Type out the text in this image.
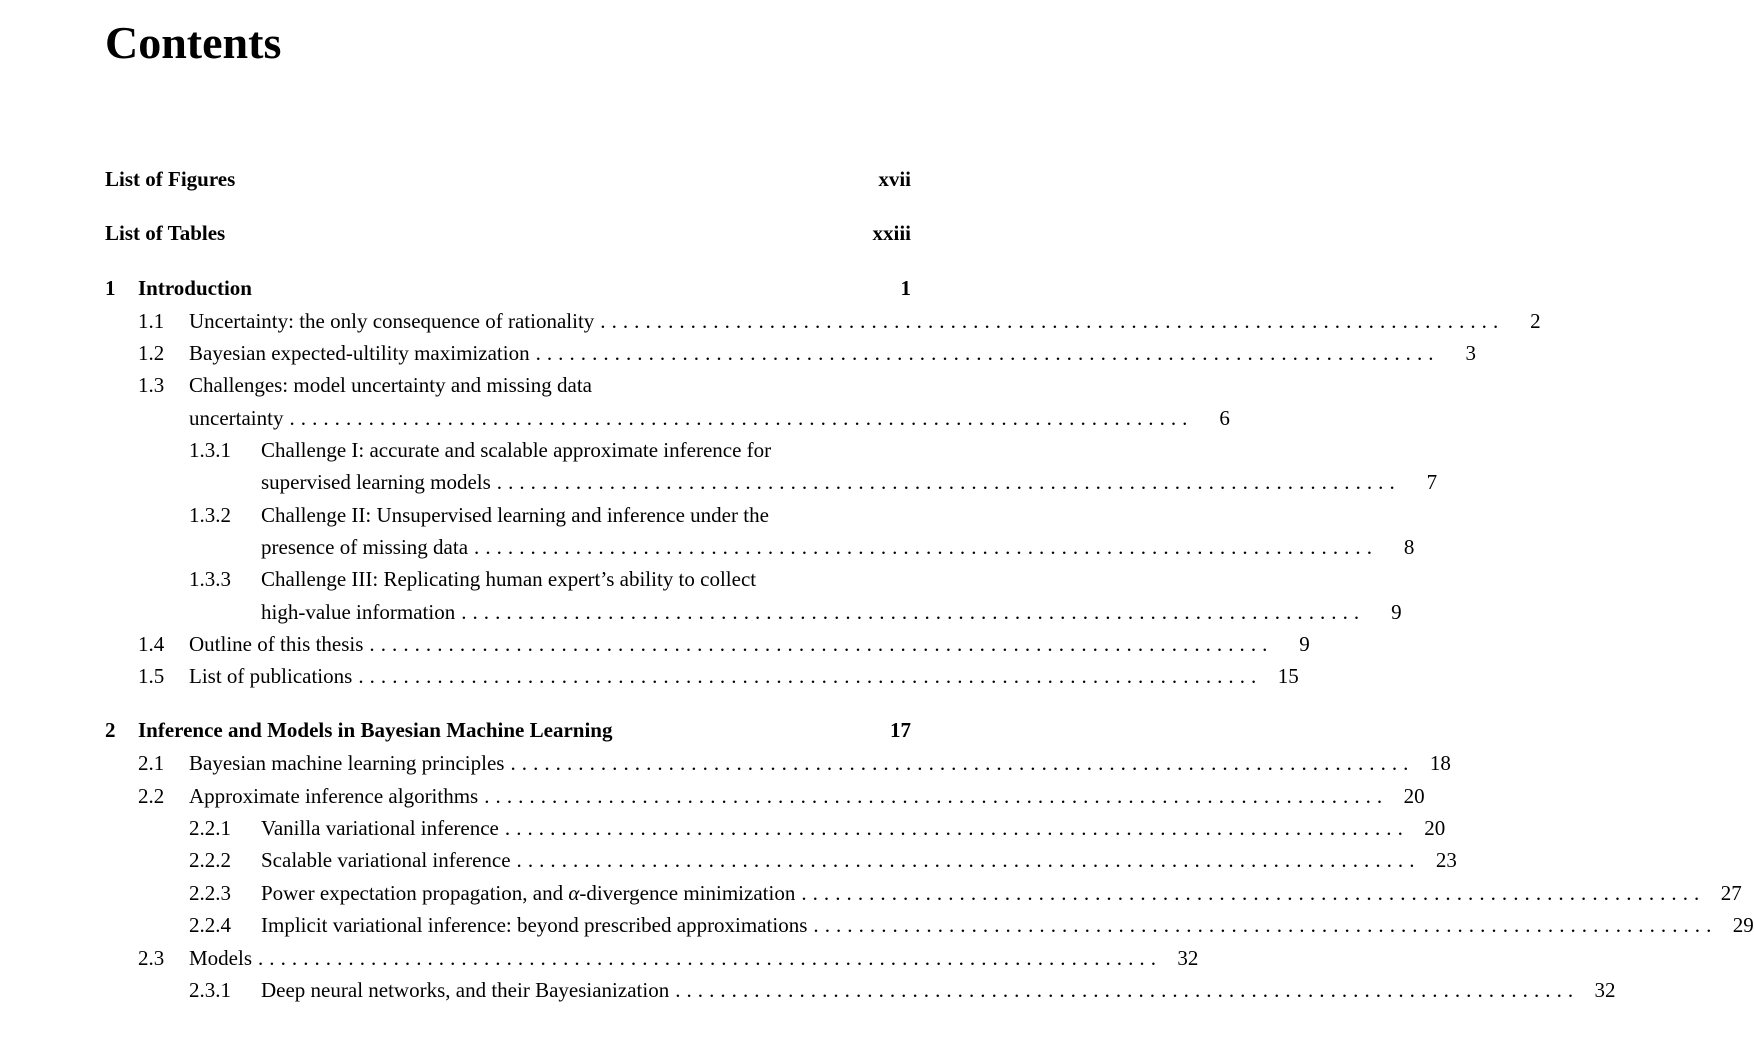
Contents
List of Figures	xvii
List of Tables	xxiii
1	Introduction	1
1.1	Uncertainty: the only consequence of rationality . . . . . . . . . . . . . . . . . . . . . . . . . . . . . . . . . . . . . . . . . . . . . . . . . . . . . . . . . . . . . . . . . . . . . . . . . . . . . . . .	2
1.2	Bayesian expected-ultility maximization . . . . . . . . . . . . . . . . . . . . . . . . . . . . . . . . . . . . . . . . . . . . . . . . . . . . . . . . . . . . . . . . . . . . . . . . . . . . . . . .	3
1.3	Challenges: model uncertainty and missing data
uncertainty . . . . . . . . . . . . . . . . . . . . . . . . . . . . . . . . . . . . . . . . . . . . . . . . . . . . . . . . . . . . . . . . . . . . . . . . . . . . . . . .	6
1.3.1	Challenge I: accurate and scalable approximate inference for
supervised learning models . . . . . . . . . . . . . . . . . . . . . . . . . . . . . . . . . . . . . . . . . . . . . . . . . . . . . . . . . . . . . . . . . . . . . . . . . . . . . . . .	7
1.3.2	Challenge II: Unsupervised learning and inference under the
presence of missing data . . . . . . . . . . . . . . . . . . . . . . . . . . . . . . . . . . . . . . . . . . . . . . . . . . . . . . . . . . . . . . . . . . . . . . . . . . . . . . . .	8
1.3.3	Challenge III: Replicating human expert’s ability to collect
high-value information . . . . . . . . . . . . . . . . . . . . . . . . . . . . . . . . . . . . . . . . . . . . . . . . . . . . . . . . . . . . . . . . . . . . . . . . . . . . . . . .	9
1.4	Outline of this thesis . . . . . . . . . . . . . . . . . . . . . . . . . . . . . . . . . . . . . . . . . . . . . . . . . . . . . . . . . . . . . . . . . . . . . . . . . . . . . . . .	9
1.5	List of publications . . . . . . . . . . . . . . . . . . . . . . . . . . . . . . . . . . . . . . . . . . . . . . . . . . . . . . . . . . . . . . . . . . . . . . . . . . . . . . . .	15
2	Inference and Models in Bayesian Machine Learning	17
2.1	Bayesian machine learning principles . . . . . . . . . . . . . . . . . . . . . . . . . . . . . . . . . . . . . . . . . . . . . . . . . . . . . . . . . . . . . . . . . . . . . . . . . . . . . . . .	18
2.2	Approximate inference algorithms . . . . . . . . . . . . . . . . . . . . . . . . . . . . . . . . . . . . . . . . . . . . . . . . . . . . . . . . . . . . . . . . . . . . . . . . . . . . . . . .	20
2.2.1	Vanilla variational inference . . . . . . . . . . . . . . . . . . . . . . . . . . . . . . . . . . . . . . . . . . . . . . . . . . . . . . . . . . . . . . . . . . . . . . . . . . . . . . . .	20
2.2.2	Scalable variational inference . . . . . . . . . . . . . . . . . . . . . . . . . . . . . . . . . . . . . . . . . . . . . . . . . . . . . . . . . . . . . . . . . . . . . . . . . . . . . . . .	23
2.2.3	Power expectation propagation, and α-divergence minimization . . . . . . . . . . . . . . . . . . . . . . . . . . . . . . . . . . . . . . . . . . . . . . . . . . . . . . . . . . . . . . . . . . . . . . . . . . . . . . . .	27
2.2.4	Implicit variational inference: beyond prescribed approximations . . . . . . . . . . . . . . . . . . . . . . . . . . . . . . . . . . . . . . . . . . . . . . . . . . . . . . . . . . . . . . . . . . . . . . . . . . . . . . . .	29
2.3	Models . . . . . . . . . . . . . . . . . . . . . . . . . . . . . . . . . . . . . . . . . . . . . . . . . . . . . . . . . . . . . . . . . . . . . . . . . . . . . . . .	32
2.3.1	Deep neural networks, and their Bayesianization . . . . . . . . . . . . . . . . . . . . . . . . . . . . . . . . . . . . . . . . . . . . . . . . . . . . . . . . . . . . . . . . . . . . . . . . . . . . . . . .	32
